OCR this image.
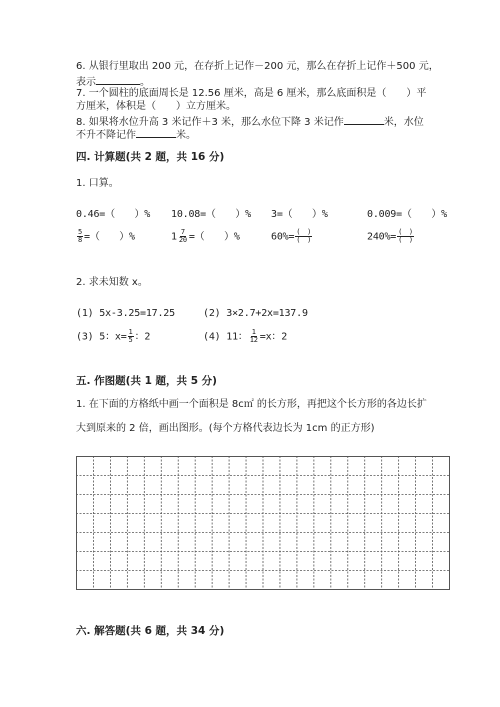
6. 从银行里取出 200 元，在存折上记作－200 元，那么在存折上记作＋500 元，
表示	。
7. 一个圆柱的底面周长是 12.56 厘米，高是 6 厘米，那么底面积是（　　）平
方厘米，体积是（　　）立方厘米。
8. 如果将水位升高 3 米记作＋3 米，那么水位下降 3 米记作	米，水位
不升不降记作	米。
四. 计算题(共 2 题，共 16 分)
1. 口算。
0.46=（　　）% 10.08=（　　）% 3=（　　）%	0.009=（　　）%
$\frac{5}{8}$ =（　　）%	$1 \frac{7}{20}$ =（　　）%	$60\%= \frac{( )}{( )}$	$240\%= \frac{( )}{( )}$
2. 求未知数 x。
(1) 5x-3.25=17.25	(2) 3×2.7+2x=137.9
(3) 5：$x= \frac{1}{5}$ ：2	(4) 11： $\frac{1}{12} =x$：2
五. 作图题(共 1 题，共 5 分)
1. 在下面的方格纸中画一个面积是 8c㎡ 的长方形，再把这个长方形的各边长扩
大到原来的 2 倍，画出图形。(每个方格代表边长为 1cm 的正方形)
六. 解答题(共 6 题，共 34 分)
